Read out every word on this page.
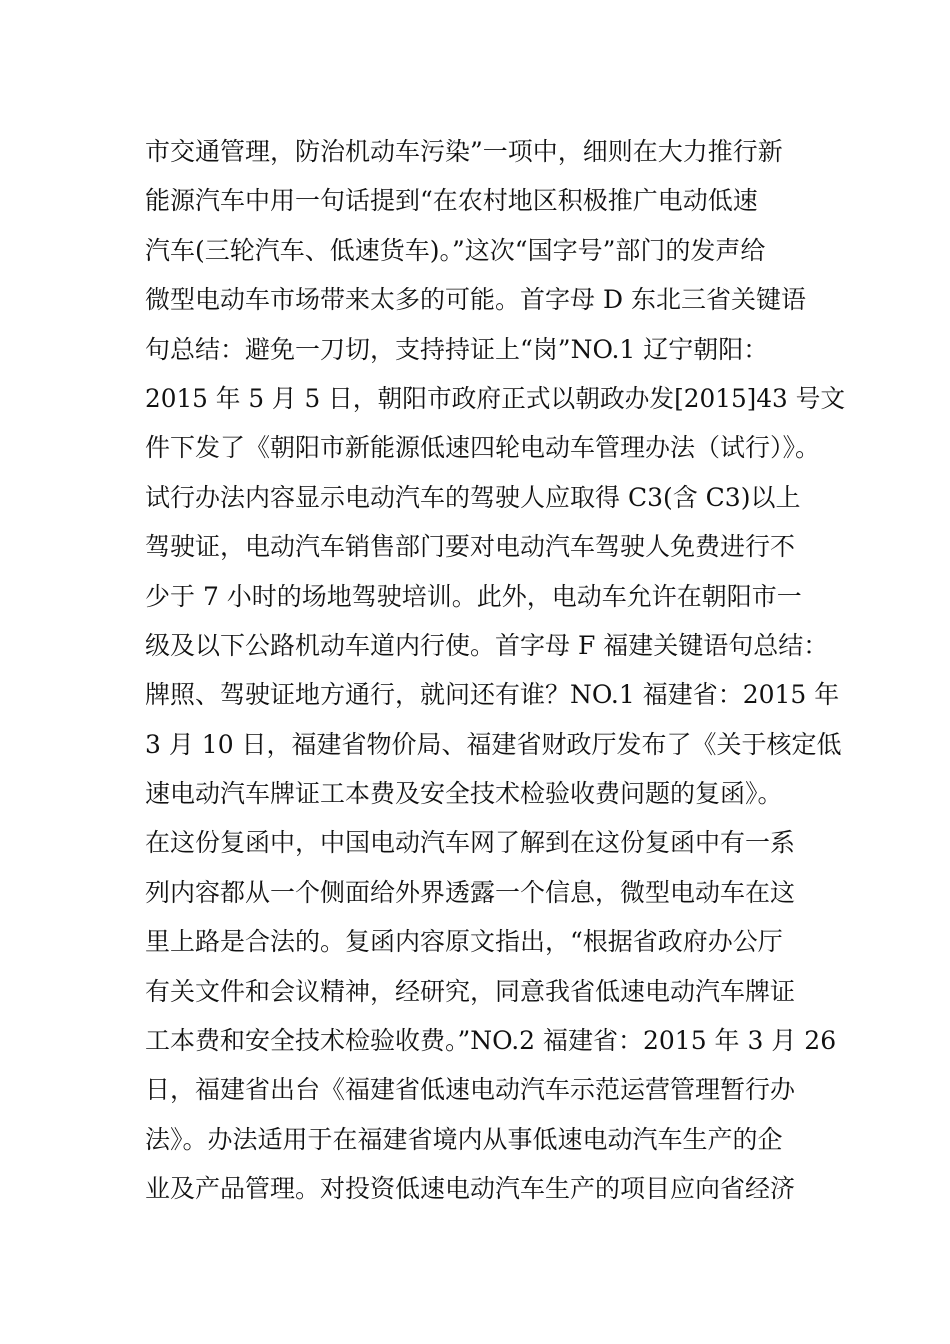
市交通管理，防治机动车污染”一项中，细则在大力推行新
能源汽车中用一句话提到“在农村地区积极推广电动低速
汽车(三轮汽车、低速货车)。”这次“国字号”部门的发声给
微型电动车市场带来太多的可能。首字母 D 东北三省关键语
句总结：避免一刀切，支持持证上“岗”NO.1 辽宁朝阳：
2015 年 5 月 5 日，朝阳市政府正式以朝政办发[2015]43 号文
件下发了《朝阳市新能源低速四轮电动车管理办法（试行）》。
试行办法内容显示电动汽车的驾驶人应取得 C3(含 C3)以上
驾驶证，电动汽车销售部门要对电动汽车驾驶人免费进行不
少于 7 小时的场地驾驶培训。此外，电动车允许在朝阳市一
级及以下公路机动车道内行使。首字母 F 福建关键语句总结：
牌照、驾驶证地方通行，就问还有谁？NO.1 福建省：2015 年
3 月 10 日，福建省物价局、福建省财政厅发布了《关于核定低
速电动汽车牌证工本费及安全技术检验收费问题的复函》。
在这份复函中，中国电动汽车网了解到在这份复函中有一系
列内容都从一个侧面给外界透露一个信息，微型电动车在这
里上路是合法的。复函内容原文指出，“根据省政府办公厅
有关文件和会议精神，经研究，同意我省低速电动汽车牌证
工本费和安全技术检验收费。”NO.2 福建省：2015 年 3 月 26
日，福建省出台《福建省低速电动汽车示范运营管理暂行办
法》。办法适用于在福建省境内从事低速电动汽车生产的企
业及产品管理。对投资低速电动汽车生产的项目应向省经济
